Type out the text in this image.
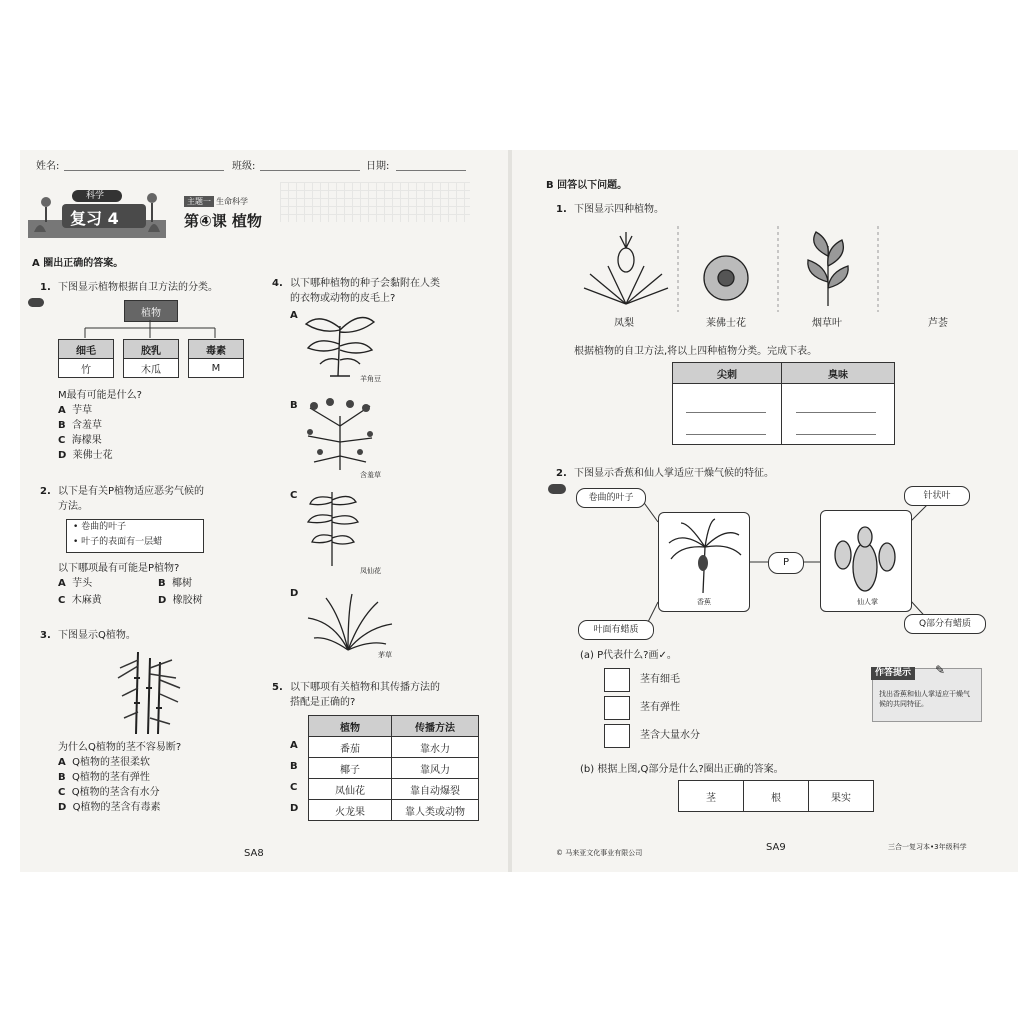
姓名:	班级:	日期:
科学
复习 4
主题一 生命科学
第④课 植物
A 圈出正确的答案。
1. 下图显示植物根据自卫方法的分类。
植物
细毛
竹
胶乳
木瓜
毒素
M
M最有可能是什么?
A 芋草
B 含羞草
C 海檬果
D 莱佛士花
2. 以下是有关P植物适应恶劣气候的
方法。
• 卷曲的叶子
• 叶子的表面有一层蜡
以下哪项最有可能是P植物?
A 芋头	B 椰树
C 木麻黄	D 橡胶树
3. 下图显示Q植物。
为什么Q植物的茎不容易断?
A Q植物的茎很柔软
B Q植物的茎有弹性
C Q植物的茎含有水分
D Q植物的茎含有毒素
4. 以下哪种植物的种子会黏附在人类
的衣物或动物的皮毛上?
A
羊角豆
B
含羞草
C
凤仙花
D
茅草
5. 以下哪项有关植物和其传播方法的
搭配是正确的?
植物	传播方法
番茄	靠水力
椰子	靠风力
凤仙花	靠自动爆裂
火龙果	靠人类或动物
A
B
C
D
SA8
B 回答以下问题。
1. 下图显示四种植物。
凤梨	莱佛士花	烟草叶	芦荟
根据植物的自卫方法,将以上四种植物分类。完成下表。
尖刺	臭味
2. 下图显示香蕉和仙人掌适应干燥气候的特征。
卷曲的叶子	针状叶
叶面有蜡质
Q部分有蜡质
香蕉
P
仙人掌
(a) P代表什么?画✓。
茎有细毛
茎有弹性
茎含大量水分
作答提示	✎
找出香蕉和仙人掌适应干燥气候的共同特征。
(b) 根据上图,Q部分是什么?圈出正确的答案。
茎	根	果实
© 马来亚文化事业有限公司	SA9	三合一复习本•3年级科学
